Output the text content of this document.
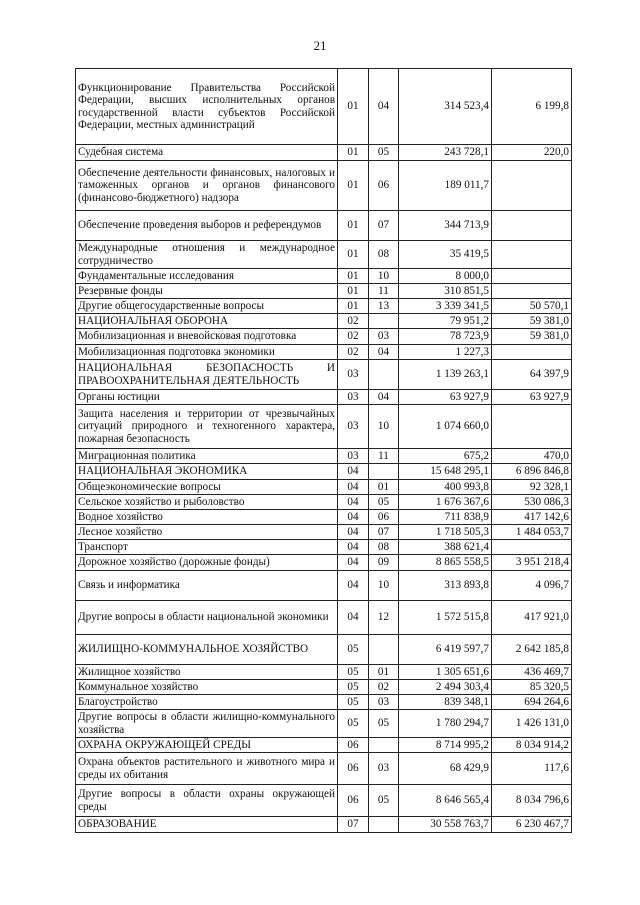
21
Функционирование Правительства Российской Федерации, высших исполнительных органов государственной власти субъектов Российской Федерации, местных администраций	01	04	314 523,4	6 199,8
Судебная система	01	05	243 728,1	220,0
Обеспечение деятельности финансовых, налоговых и таможенных органов и органов финансового (финансово-бюджетного) надзора	01	06	189 011,7	
Обеспечение проведения выборов и референдумов	01	07	344 713,9	
Международные отношения и международное сотрудничество	01	08	35 419,5	
Фундаментальные исследования	01	10	8 000,0	
Резервные фонды	01	11	310 851,5	
Другие общегосударственные вопросы	01	13	3 339 341,5	50 570,1
НАЦИОНАЛЬНАЯ ОБОРОНА	02		79 951,2	59 381,0
Мобилизационная и вневойсковая подготовка	02	03	78 723,9	59 381,0
Мобилизационная подготовка экономики	02	04	1 227,3	
НАЦИОНАЛЬНАЯ БЕЗОПАСНОСТЬ И ПРАВООХРАНИТЕЛЬНАЯ ДЕЯТЕЛЬНОСТЬ	03		1 139 263,1	64 397,9
Органы юстиции	03	04	63 927,9	63 927,9
Защита населения и территории от чрезвычайных ситуаций природного и техногенного характера, пожарная безопасность	03	10	1 074 660,0	
Миграционная политика	03	11	675,2	470,0
НАЦИОНАЛЬНАЯ ЭКОНОМИКА	04		15 648 295,1	6 896 846,8
Общеэкономические вопросы	04	01	400 993,8	92 328,1
Сельское хозяйство и рыболовство	04	05	1 676 367,6	530 086,3
Водное хозяйство	04	06	711 838,9	417 142,6
Лесное хозяйство	04	07	1 718 505,3	1 484 053,7
Транспорт	04	08	388 621,4	
Дорожное хозяйство (дорожные фонды)	04	09	8 865 558,5	3 951 218,4
Связь и информатика	04	10	313 893,8	4 096,7
Другие вопросы в области национальной экономики	04	12	1 572 515,8	417 921,0
ЖИЛИЩНО-КОММУНАЛЬНОЕ ХОЗЯЙСТВО	05		6 419 597,7	2 642 185,8
Жилищное хозяйство	05	01	1 305 651,6	436 469,7
Коммунальное хозяйство	05	02	2 494 303,4	85 320,5
Благоустройство	05	03	839 348,1	694 264,6
Другие вопросы в области жилищно-коммунального хозяйства	05	05	1 780 294,7	1 426 131,0
ОХРАНА ОКРУЖАЮЩЕЙ СРЕДЫ	06		8 714 995,2	8 034 914,2
Охрана объектов растительного и животного мира и среды их обитания	06	03	68 429,9	117,6
Другие вопросы в области охраны окружающей среды	06	05	8 646 565,4	8 034 796,6
ОБРАЗОВАНИЕ	07		30 558 763,7	6 230 467,7
